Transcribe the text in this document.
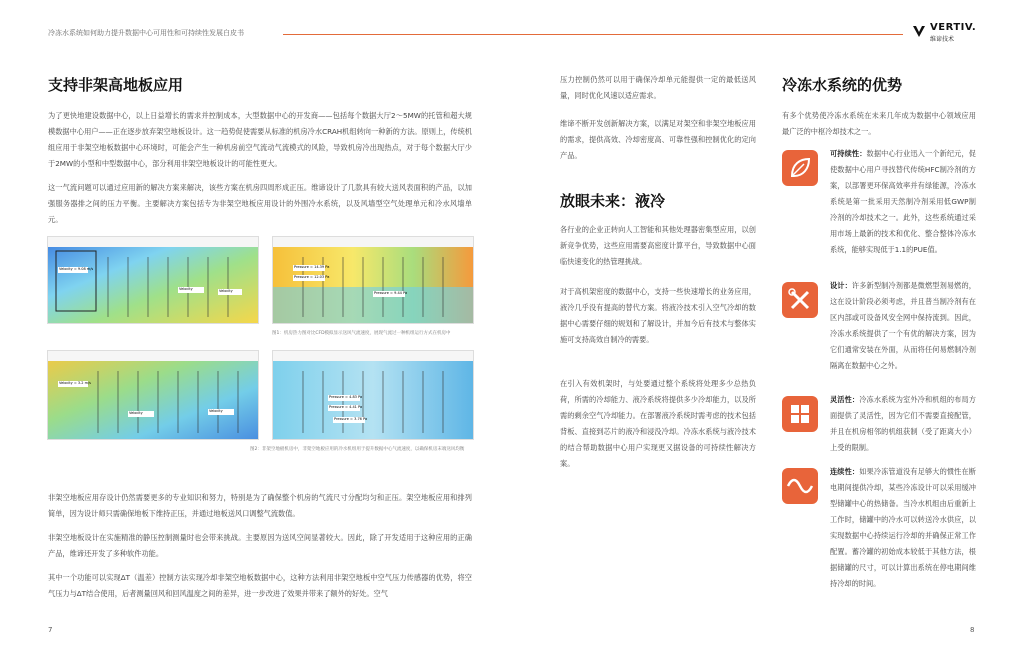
冷冻水系统如何助力提升数据中心可用性和可持续性发展白皮书	VERTIV.
维谛技术
支持非架高地板应用

为了更快地建设数据中心，以上日益增长的需求并控制成本，大型数据中心的开发商——包括每个数据大厅2～5MW的托管和超大规模数据中心用户——正在逐步放弃架空地板设计。这一趋势促使需要从标准的机房冷水CRAH机组转向一种新的方法。原则上，传统机组应用于非架空地板数据中心环境时，可能会产生一种机房前空气流动气流模式的风险，导致机房冷出现热点，对于每个数据大厅少于2MW的小型和中型数据中心，部分利用非架空地板设计的可能性更大。

这一气流问题可以通过应用新的解决方案来解决，该些方案在机房四周形成正压。维谛设计了几款具有较大送风表面积的产品，以加强服务器排之间的压力平衡。主要解决方案包括专为非架空地板应用设计的外围冷水系统，以及风墙型空气处理单元和冷水风墙单元。

Velocity = 9.08 m/s
Velocity	Velocity
Pressure = 14.39 Pa
Pressure = 12.03 Pa
Pressure = 9.44 Pa
图1：机房热力图对比CFD模拟显示送风气流速度，展现气流过一种机组运行方式在机房中
Velocity = 3.2 m/s
Velocity	Velocity
Pressure = 4.83 Pa
Pressure = 4.41 Pa
Pressure = 3.76 Pa
图2：非架空地板机房中，非架空地板应用的冷水机组用于提升数据中心气流速度，以确保机房末端送风均衡

非架空地板应用存设计仍然需要更多的专业知识和努力，特别是为了确保整个机房的气流尺寸分配均匀和正压。架空地板应用和排列简单，因为设计师只需确保地板下维持正压，并通过地板送风口调整气流数值。

非架空地板设计在实施精准的静压控制测量时也会带来挑战。主要原因为送风空间显著较大。因此，除了开发适用于这种应用的正确产品，维谛还开发了多种软件功能。

其中一个功能可以实现ΔT（温差）控制方法实现冷却非架空地板数据中心，这种方法利用非架空地板中空气压力传感器的优势，将空气压力与ΔT结合使用，后者测量回风和回风温度之间的差异，进一步改进了效果并带来了额外的好处。空气

7

压力控制仍然可以用于确保冷却单元能提供一定的最低送风量，同时优化风速以适应需求。

维谛不断开发创新解决方案，以满足对架空和非架空地板应用的需求，提供高效、冷却密度高、可靠性强和控制优化的定向产品。

放眼未来：液冷

各行业的企业正转向人工智能和其他处理器密集型应用，以创新竞争优势，这些应用需要高密度计算平台，导致数据中心面临快速变化的热管理挑战。

对于高机架密度的数据中心，支持一些快速增长的业务应用，液冷几乎没有提高的替代方案。将液冷技术引入空气冷却的数据中心需要仔细的规划和了解设计，并加今后有技术与整体实施可支持高效自制冷的需要。

在引入有效机架时，与处要通过整个系统将处理多少总热负荷，所需的冷却能力、液冷系统将提供多少冷却能力，以及所需的剩余空气冷却能力。在部署液冷系统时需考虑的技术包括背板、直接到芯片的液冷和浸没冷却。冷冻水系统与液冷技术的结合帮助数据中心用户实现更又据设备的可持续性解决方案。

冷冻水系统的优势

有多个优势使冷冻水系统在未来几年成为数据中心领域应用最广泛的中枢冷却技术之一。

可持续性：数据中心行业迅入一个新纪元，促使数据中心用户寻找替代传统HFC制冷剂的方案，以部署更环保高效率并有绿能源，冷冻水系统是第一批采用天然制冷剂采用低GWP制冷剂的冷却技术之一。此外，这些系统通过采用市场上最新的技术和优化、整合整体冷冻水系统，能够实现低于1.1的PUE值。
设计：许多新型制冷剂都是微燃型剂易燃的，这在设计阶段必须考虑，并且普当制冷剂有在区内部或可设备风安全网中保持流到。因此，冷冻水系统提供了一个有优的解决方案，因为它们通常安装在外面，从而将任何易燃制冷剂隔离在数据中心之外。
灵活性：冷冻水系统为室外冷和机组的布局方面提供了灵活性，因为它们不需要直接配管，并且在机房相邻的机组获制（受了距离大小）上受的限制。
连续性：如果冷冻管道没有足够大的惯性在断电期间提供冷却，某些冷冻设计可以采用缓冲型储罐中心的热储备。当冷水机组由后重新上工作时，储罐中的冷水可以转送冷水供应，以实现数据中心持续运行冷却的并确保正常工作配置。蓄冷罐的初始成本较低于其他方法，根据储罐的尺寸，可以计算出系统在停电期间维持冷却的时间。
8
